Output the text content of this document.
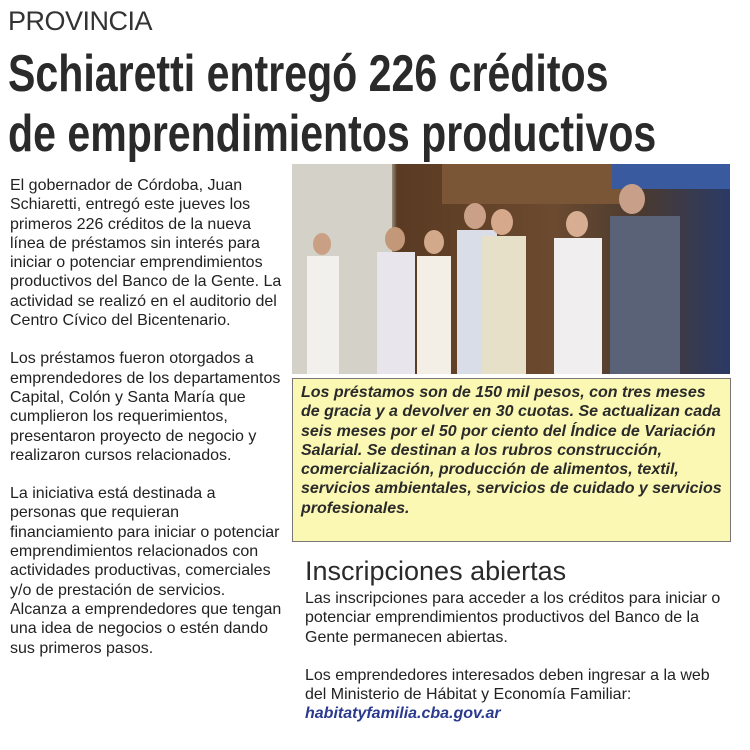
PROVINCIA
Schiaretti entregó 226 créditos
de emprendimientos productivos

El gobernador de Córdoba, Juan Schiaretti, entregó este jueves los primeros 226 créditos de la nueva línea de préstamos sin interés para iniciar o potenciar emprendimientos productivos del Banco de la Gente. La actividad se realizó en el auditorio del Centro Cívico del Bicentenario.

Los préstamos fueron otorgados a emprendedores de los departamentos Capital, Colón y Santa María que cumplieron los requerimientos, presentaron proyecto de negocio y realizaron cursos relacionados.

La iniciativa está destinada a personas que requieran financiamiento para iniciar o potenciar emprendimientos relacionados con actividades productivas, comerciales y/o de prestación de servicios. Alcanza a emprendedores que tengan una idea de negocios o estén dando sus primeros pasos.

Los préstamos son de 150 mil pesos, con tres meses de gracia y a devolver en 30 cuotas. Se actualizan cada seis meses por el 50 por ciento del Índice de Variación Salarial. Se destinan a los rubros construcción, comercialización, producción de alimentos, textil, servicios ambientales, servicios de cuidado y servicios profesionales.
Inscripciones abiertas

Las inscripciones para acceder a los créditos para iniciar o potenciar emprendimientos productivos del Banco de la Gente permanecen abiertas.

Los emprendedores interesados deben ingresar a la web del Ministerio de Hábitat y Economía Familiar:
habitatyfamilia.cba.gov.ar
